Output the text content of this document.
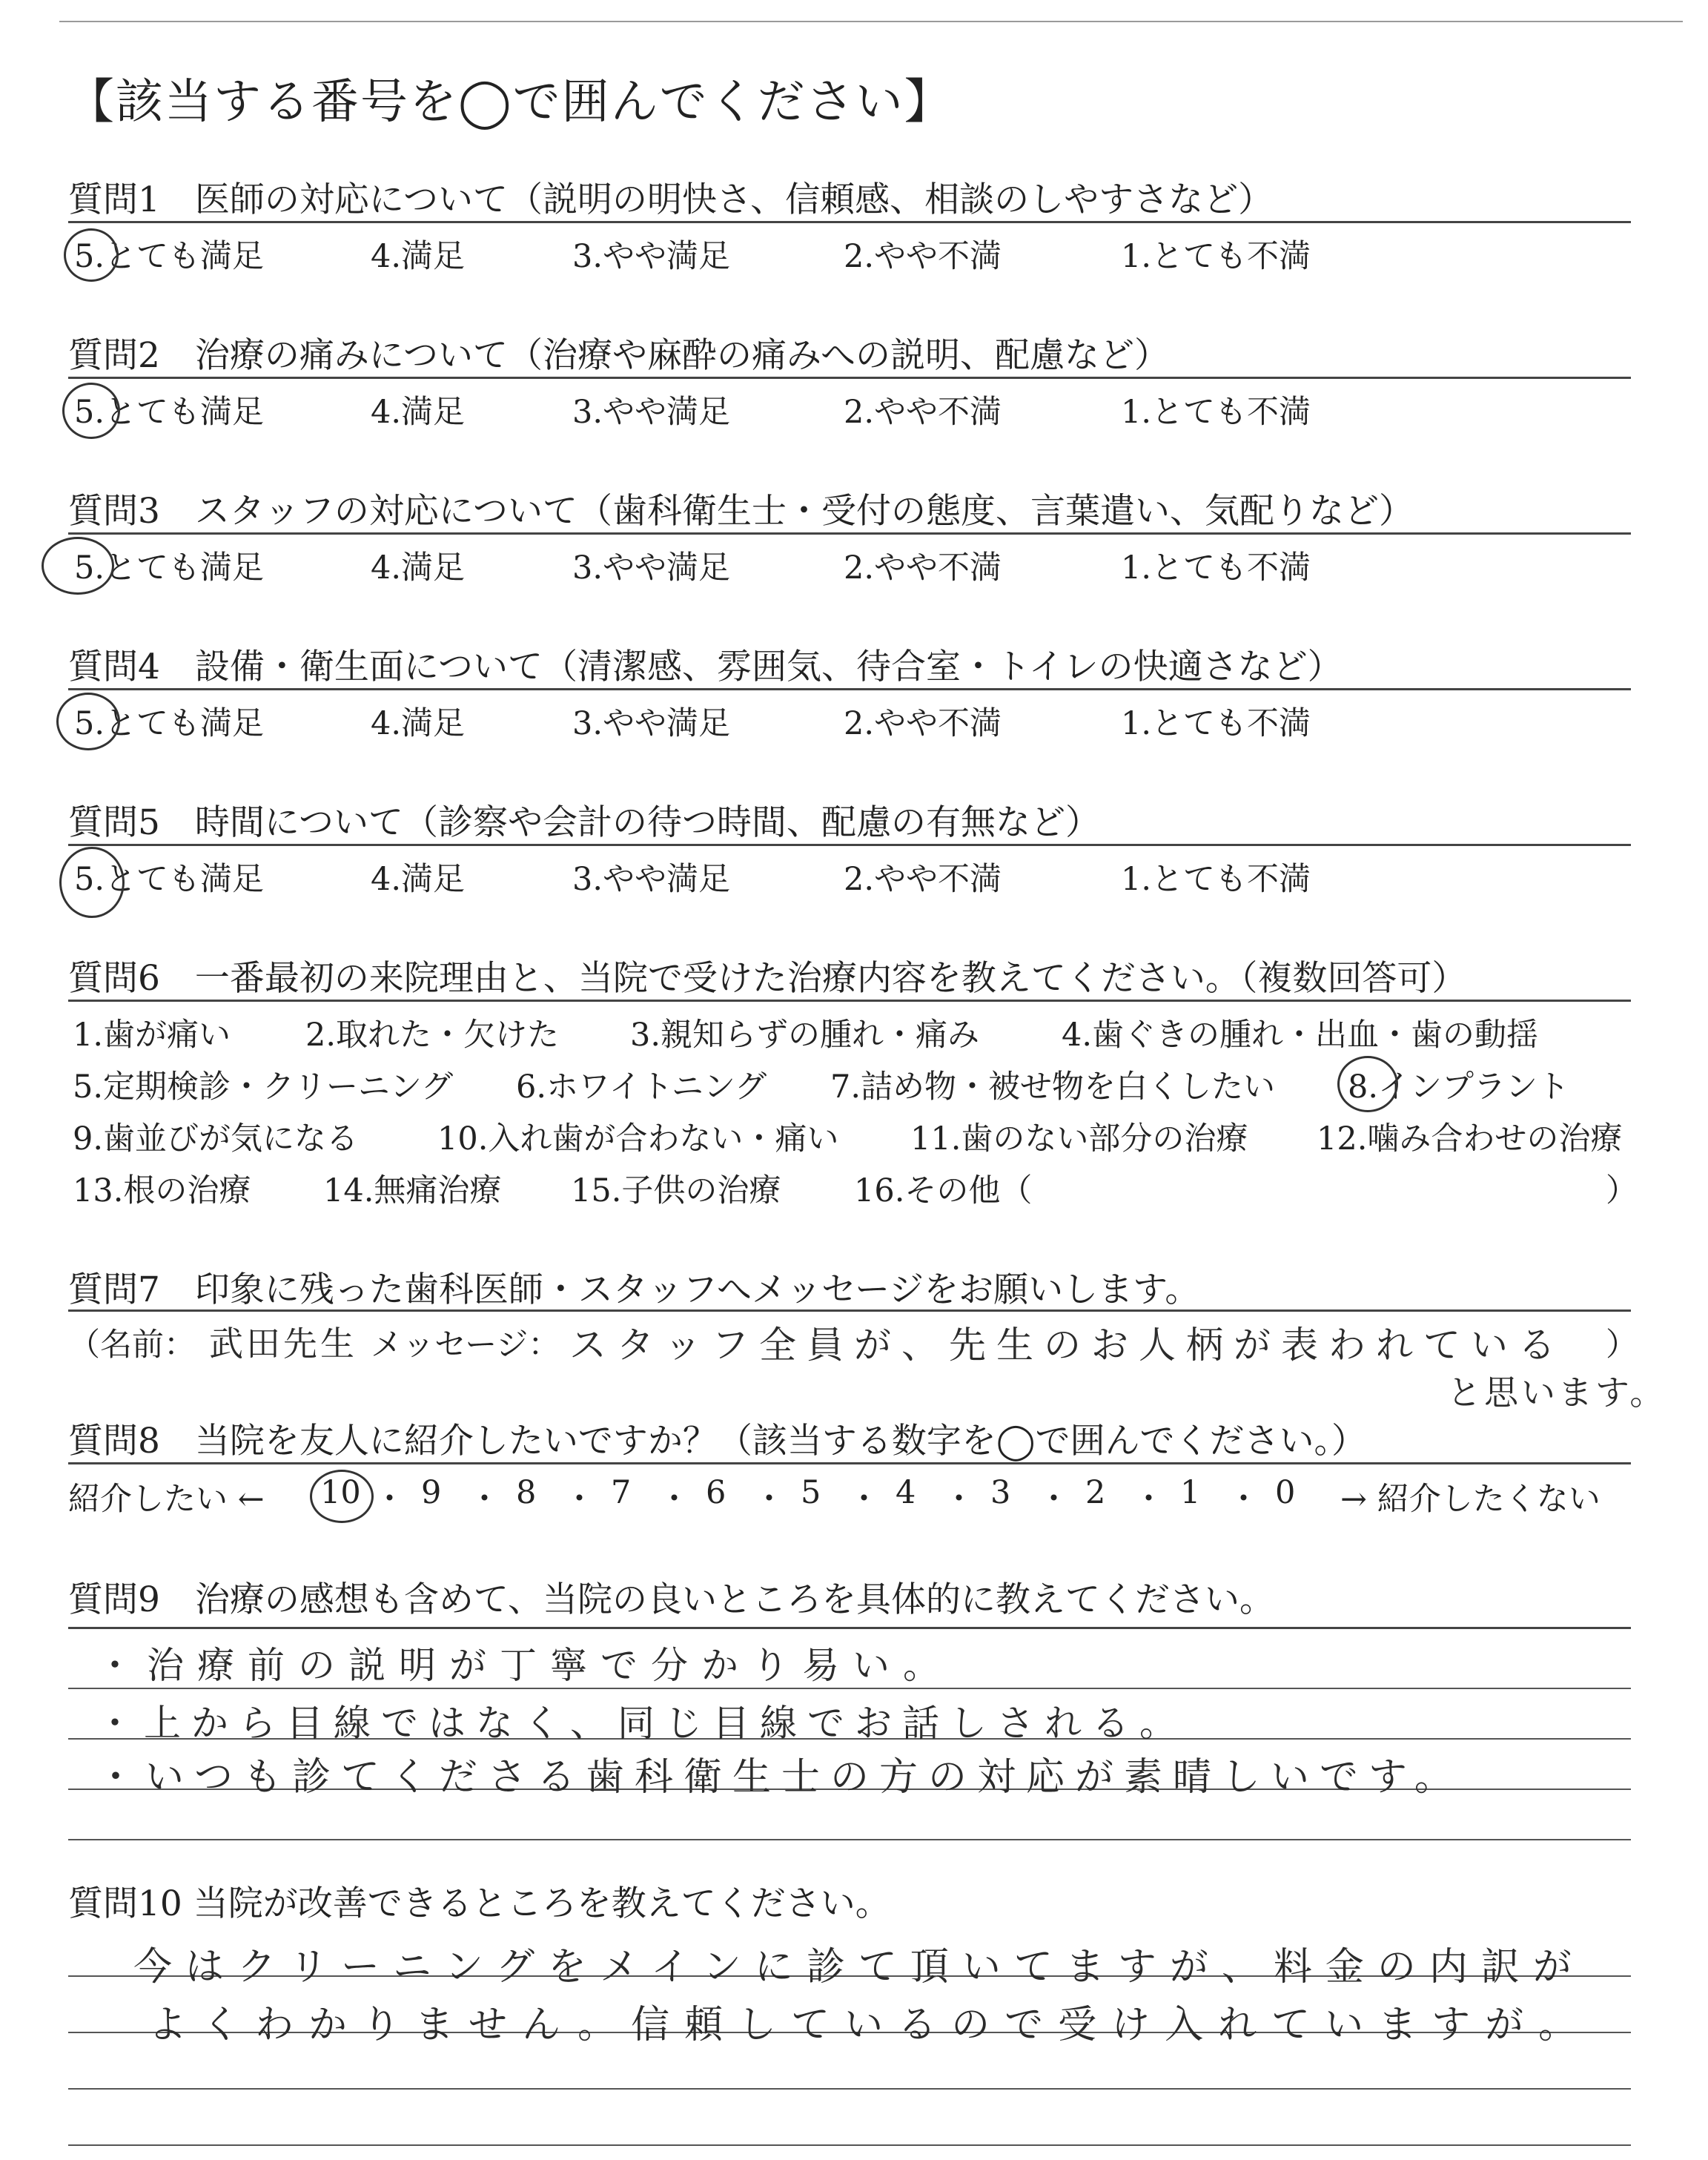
【該当する番号を◯で囲んでください】
質問1　医師の対応について（説明の明快さ、信頼感、相談のしやすさなど）
5.とても満足	4.満足	3.やや満足	2.やや不満	1.とても不満
質問2　治療の痛みについて（治療や麻酔の痛みへの説明、配慮など）
5.とても満足	4.満足	3.やや満足	2.やや不満	1.とても不満
質問3　スタッフの対応について（歯科衛生士・受付の態度、言葉遣い、気配りなど）
5.とても満足	4.満足	3.やや満足	2.やや不満	1.とても不満
質問4　設備・衛生面について（清潔感、雰囲気、待合室・トイレの快適さなど）
5.とても満足	4.満足	3.やや満足	2.やや不満	1.とても不満
質問5　時間について（診察や会計の待つ時間、配慮の有無など）
5.とても満足	4.満足	3.やや満足	2.やや不満	1.とても不満
質問6　一番最初の来院理由と、当院で受けた治療内容を教えてください。（複数回答可）
1.歯が痛い 2.取れた・欠けた 3.親知らずの腫れ・痛み	4.歯ぐきの腫れ・出血・歯の動揺
5.定期検診・クリーニング 6.ホワイトニング 7.詰め物・被せ物を白くしたい 8.インプラント
9.歯並びが気になる 10.入れ歯が合わない・痛い 11.歯のない部分の治療 12.噛み合わせの治療
13.根の治療 14.無痛治療 15.子供の治療 16.その他（	）
質問7　印象に残った歯科医師・スタッフへメッセージをお願いします。
（名前： 武田先生 メッセージ： スタッフ全員が、先生のお人柄が表われている ）
と思います。
質問8　当院を友人に紹介したいですか？（該当する数字を◯で囲んでください。）
紹介したい ← 10 ・ 9 ・ 8 ・ 7 ・ 6 ・ 5 ・ 4 ・ 3 ・ 2 ・ 1 ・ 0 → 紹介したくない
質問9　治療の感想も含めて、当院の良いところを具体的に教えてください。
・治療前の説明が丁寧で分かり易い。
・上から目線ではなく、同じ目線でお話しされる。
・いつも診てくださる歯科衛生士の方の対応が素晴しいです。
質問10 当院が改善できるところを教えてください。
今はクリーニングをメインに診て頂いてますが、料金の内訳が
よくわかりません。信頼しているので受け入れていますが。
